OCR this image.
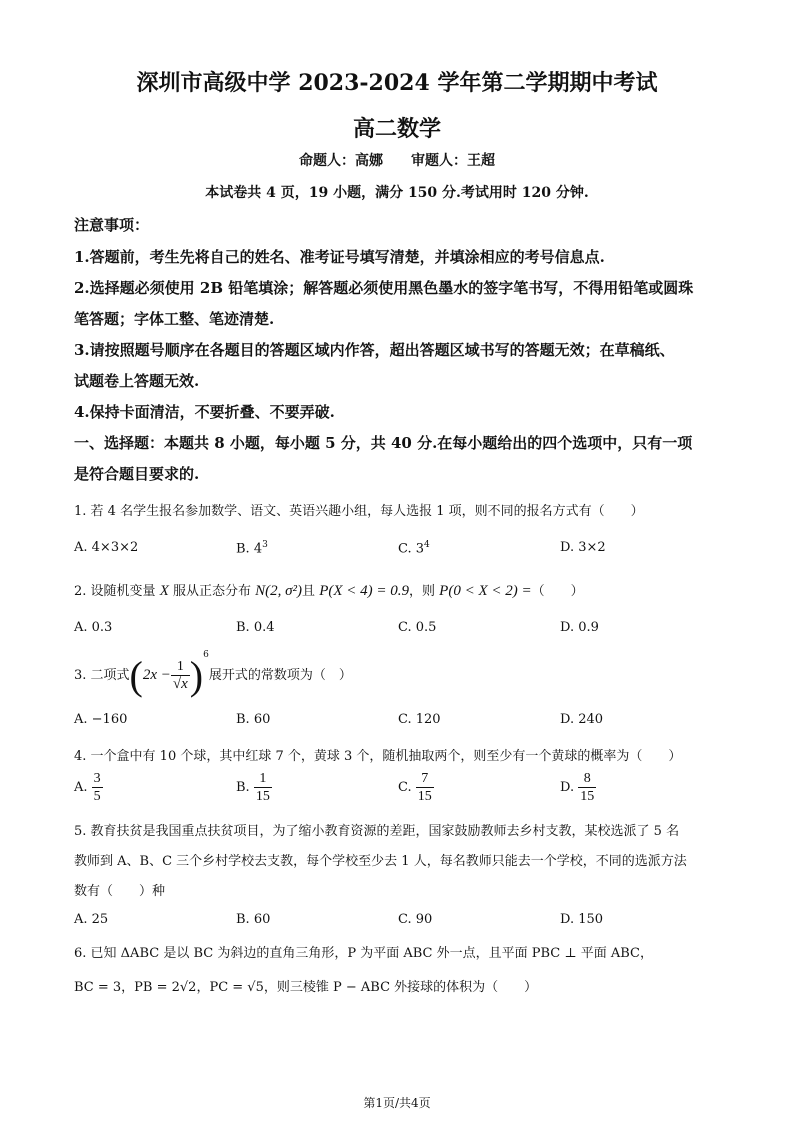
深圳市高级中学 2023-2024 学年第二学期期中考试
高二数学
命题人：高娜 审题人：王超
本试卷共 4 页，19 小题，满分 150 分.考试用时 120 分钟.
注意事项：
1.答题前，考生先将自己的姓名、准考证号填写清楚，并填涂相应的考号信息点.
2.选择题必须使用 2B 铅笔填涂；解答题必须使用黑色墨水的签字笔书写，不得用铅笔或圆珠
笔答题；字体工整、笔迹清楚.
3.请按照题号顺序在各题目的答题区域内作答，超出答题区域书写的答题无效；在草稿纸、
试题卷上答题无效.
4.保持卡面清洁，不要折叠、不要弄破.
一、选择题：本题共 8 小题，每小题 5 分，共 40 分.在每小题给出的四个选项中，只有一项
是符合题目要求的.
1. 若 4 名学生报名参加数学、语文、英语兴趣小组，每人选报 1 项，则不同的报名方式有（　　）
A. 4×3×2	B. $4^3$	C. $3^4$	D. 3×2
2. 设随机变量 X 服从正态分布 N(2, σ²)且 P(X < 4) = 0.9，则 P(0 < X < 2) =（　　）
A. 0.3	B. 0.4	C. 0.5	D. 0.9
3. 二项式$(2x - \frac{1}{√x} )^6$展开式的常数项为（　）
A. −160	B. 60	C. 120	D. 240
4. 一个盒中有 10 个球，其中红球 7 个，黄球 3 个，随机抽取两个，则至少有一个黄球的概率为（　　）
A. $\frac{3}{5}$	B. $\frac{1}{15}$	C. $\frac{7}{15}$	D. $\frac{8}{15}$
5. 教育扶贫是我国重点扶贫项目，为了缩小教育资源的差距，国家鼓励教师去乡村支教，某校选派了 5 名
教师到 A、B、C 三个乡村学校去支教，每个学校至少去 1 人，每名教师只能去一个学校，不同的选派方法
数有（　　）种
A. 25	B. 60	C. 90	D. 150
6. 已知 ΔABC 是以 BC 为斜边的直角三角形，P 为平面 ABC 外一点，且平面 PBC ⊥ 平面 ABC，
BC = 3，PB = 2√2，PC = √5，则三棱锥 P − ABC 外接球的体积为（　　）
第1页/共4页
